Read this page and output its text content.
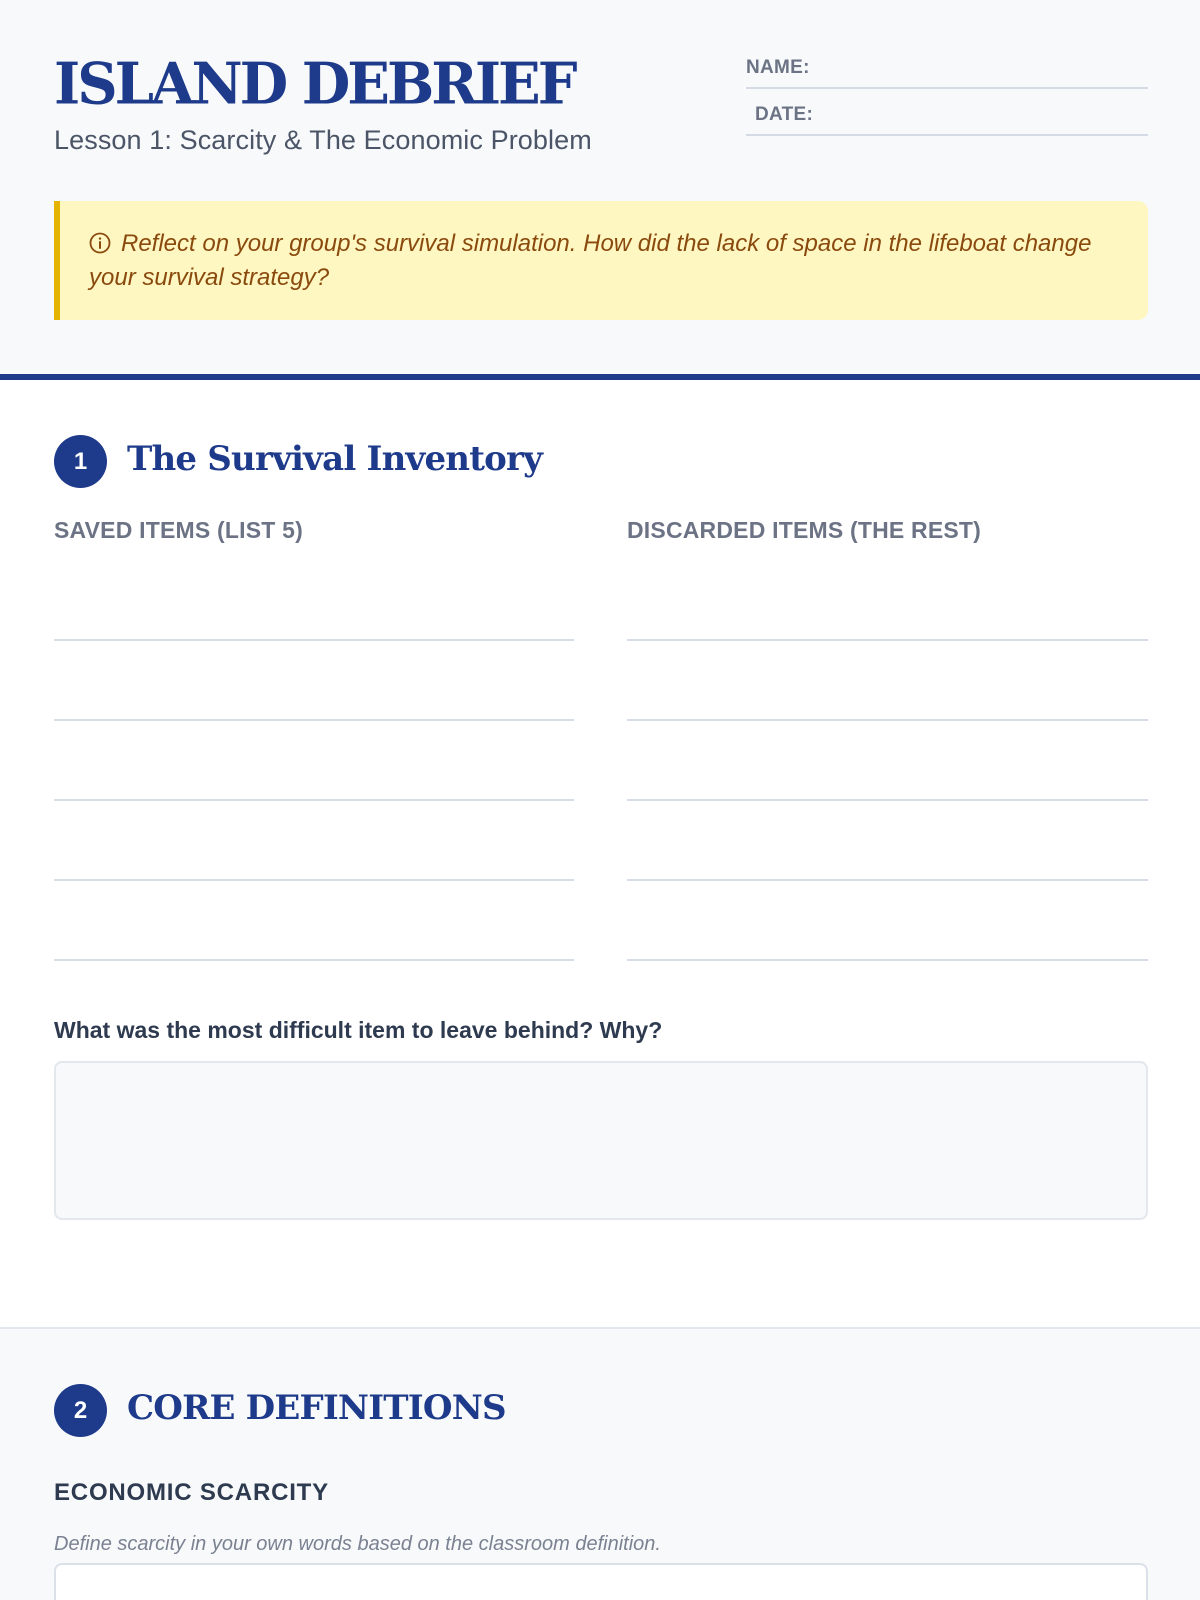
ISLAND DEBRIEF
Lesson 1: Scarcity & The Economic Problem
NAME:
DATE:
Reflect on your group's survival simulation. How did the lack of space in the lifeboat change your survival strategy?
1	The Survival Inventory
SAVED ITEMS (LIST 5)	DISCARDED ITEMS (THE REST)
What was the most difficult item to leave behind? Why?
2	CORE DEFINITIONS
ECONOMIC SCARCITY
Define scarcity in your own words based on the classroom definition.
